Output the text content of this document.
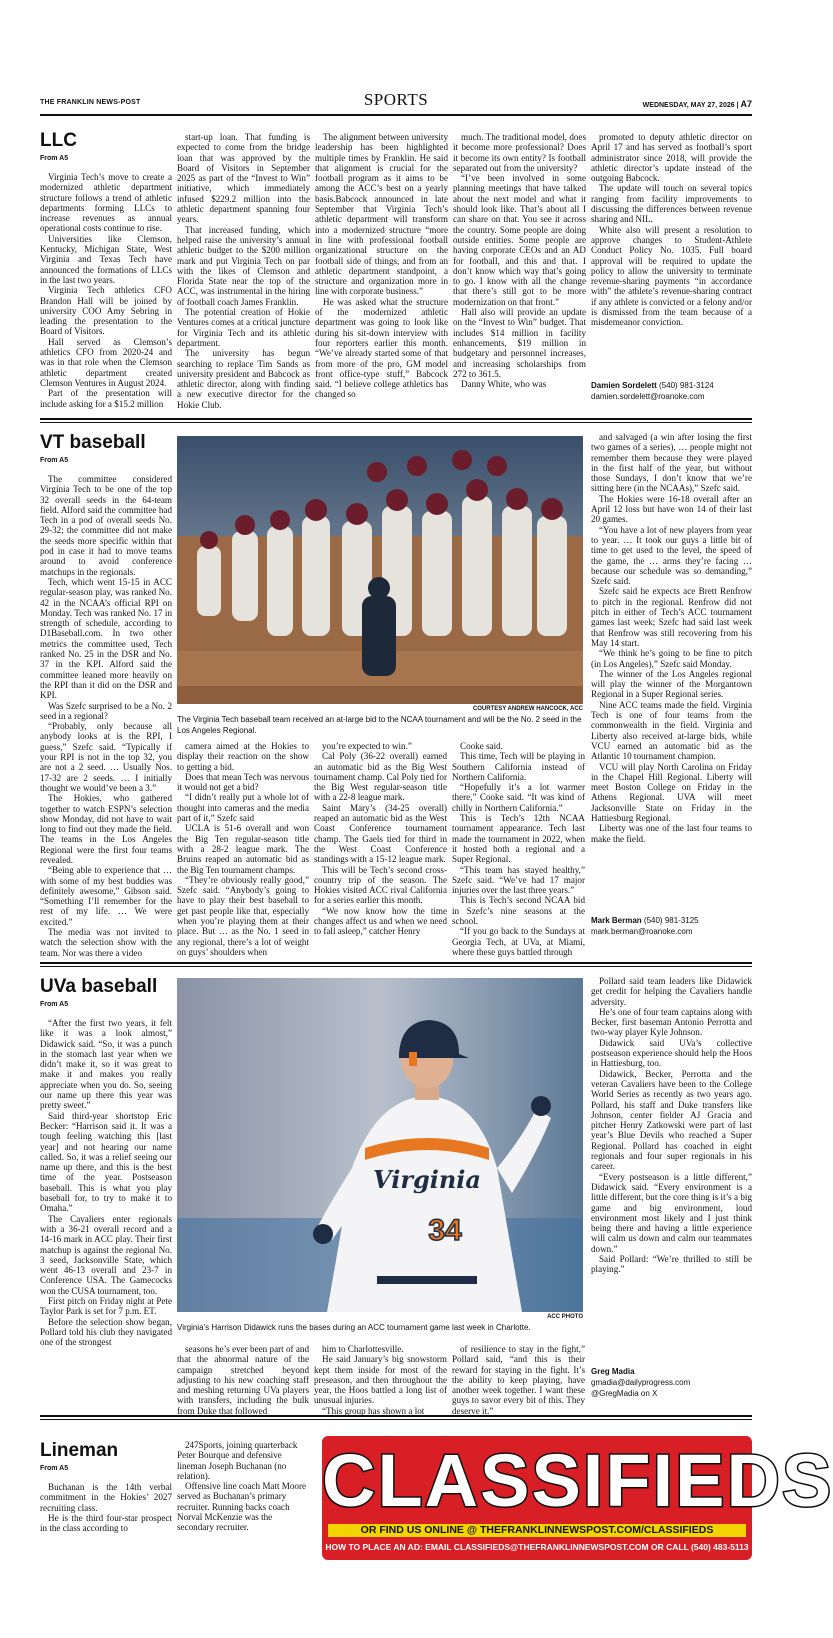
THE FRANKLIN NEWS-POST	SPORTS	WEDNESDAY, MAY 27, 2026 | A7
LLC
From A5

Virginia Tech’s move to create a modernized athletic department structure follows a trend of athletic departments forming LLCs to increase revenues as annual operational costs continue to rise.

Universities like Clemson, Kentucky, Michigan State, West Virginia and Texas Tech have announced the formations of LLCs in the last two years.

Virginia Tech athletics CFO Brandon Hall will be joined by university COO Amy Sebring in leading the presentation to the Board of Visitors.

Hall served as Clemson’s athletics CFO from 2020-24 and was in that role when the Clemson athletic department created Clemson Ventures in August 2024.

Part of the presentation will include asking for a $15.2 million

start-up loan. That funding is expected to come from the bridge loan that was approved by the Board of Visitors in September 2025 as part of the “Invest to Win” initiative, which immediately infused $229.2 million into the athletic department spanning four years.

That increased funding, which helped raise the university’s annual athletic budget to the $200 million mark and put Virginia Tech on par with the likes of Clemson and Florida State near the top of the ACC, was instrumental in the hiring of football coach James Franklin.

The potential creation of Hokie Ventures comes at a critical juncture for Virginia Tech and its athletic department.

The university has begun searching to replace Tim Sands as university president and Babcock as athletic director, along with finding a new executive director for the Hokie Club.

The alignment between university leadership has been highlighted multiple times by Franklin. He said that alignment is crucial for the football program as it aims to be among the ACC’s best on a yearly basis.Babcock announced in late September that Virginia Tech’s athletic department will transform into a modernized structure “more in line with professional football organizational structure on the football side of things, and from an athletic department standpoint, a structure and organization more in line with corporate business.”

He was asked what the structure of the modernized athletic department was going to look like during his sit-down interview with four reporters earlier this month. “We’ve already started some of that from more of the pro, GM model front office-type stuff,” Babcock said. “I believe college athletics has changed so

much. The traditional model, does it become more professional? Does it become its own entity? Is football separated out from the university?

“I’ve been involved in some planning meetings that have talked about the next model and what it should look like. That’s about all I can share on that. You see it across the country. Some people are doing outside entities. Some people are having corporate CEOs and an AD for football, and this and that. I don’t know which way that’s going to go. I know with all the change that there’s still got to be more modernization on that front.”

Hall also will provide an update on the “Invest to Win” budget. That includes $14 million in facility enhancements, $19 million in budgetary and personnel increases, and increasing scholarships from 272 to 361.5.

Danny White, who was

promoted to deputy athletic director on April 17 and has served as football’s sport administrator since 2018, will provide the athletic director’s update instead of the outgoing Babcock.

The update will touch on several topics ranging from facility improvements to discussing the differences between revenue sharing and NIL.

White also will present a resolution to approve changes to Student-Athlete Conduct Policy No. 1035. Full board approval will be required to update the policy to allow the university to terminate revenue-sharing payments “in accordance with” the athlete’s revenue-sharing contract if any athlete is convicted or a felony and/or is dismissed from the team because of a misdemeanor conviction.

Damien Sordelett (540) 981-3124
damien.sordelett@roanoke.com
VT baseball
From A5

The committee considered Virginia Tech to be one of the top 32 overall seeds in the 64-team field. Alford said the committee had Tech in a pod of overall seeds No. 29-32; the committee did not make the seeds more specific within that pod in case it had to move teams around to avoid conference matchups in the regionals.

Tech, which went 15-15 in ACC regular-season play, was ranked No. 42 in the NCAA’s official RPI on Monday. Tech was ranked No. 17 in strength of schedule, according to D1Baseball.com. In two other metrics the committee used, Tech ranked No. 25 in the DSR and No. 37 in the KPI. Alford said the committee leaned more heavily on the RPI than it did on the DSR and KPI.

Was Szefc surprised to be a No. 2 seed in a regional?

“Probably, only because all anybody looks at is the RPI, I guess,” Szefc said. “Typically if your RPI is not in the top 32, you are not a 2 seed. … Usually Nos. 17-32 are 2 seeds. … I initially thought we would’ve been a 3.”

The Hokies, who gathered together to watch ESPN’s selection show Monday, did not have to wait long to find out they made the field. The teams in the Los Angeles Regional were the first four teams revealed.

“Being able to experience that … with some of my best buddies was definitely awesome,” Gibson said. “Something I’ll remember for the rest of my life. … We were excited.”

The media was not invited to watch the selection show with the team. Nor was there a video

COURTESY ANDREW HANCOCK, ACC
The Virginia Tech baseball team received an at-large bid to the NCAA tournament and will be the No. 2 seed in the Los Angeles Regional.

camera aimed at the Hokies to display their reaction on the show to getting a bid.

Does that mean Tech was nervous it would not get a bid?

“I didn’t really put a whole lot of thought into cameras and the media part of it,” Szefc said

UCLA is 51-6 overall and won the Big Ten regular-season title with a 28-2 league mark. The Bruins reaped an automatic bid as the Big Ten tournament champs.

“They’re obviously really good,” Szefc said. “Anybody’s going to have to play their best baseball to get past people like that, especially when you’re playing them at their place. But … as the No. 1 seed in any regional, there’s a lot of weight on guys’ shoulders when

you’re expected to win.”

Cal Poly (36-22 overall) earned an automatic bid as the Big West tournament champ. Cal Poly tied for the Big West regular-season title with a 22-8 league mark.

Saint Mary’s (34-25 overall) reaped an automatic bid as the West Coast Conference tournament champ. The Gaels tied for third in the West Coast Conference standings with a 15-12 league mark.

This will be Tech’s second cross-country trip of the season. The Hokies visited ACC rival California for a series earlier this month.

“We now know how the time changes affect us and when we need to fall asleep,” catcher Henry

Cooke said.

This time, Tech will be playing in Southern California instead of Northern California.

“Hopefully it’s a lot warmer there,” Cooke said. “It was kind of chilly in Northern California.”

This is Tech’s 12th NCAA tournament appearance. Tech last made the tournament in 2022, when it hosted both a regional and a Super Regional.

“This team has stayed healthy,” Szefc said. “We’ve had 17 major injuries over the last three years.”

This is Tech’s second NCAA bid in Szefc’s nine seasons at the school.

“If you go back to the Sundays at Georgia Tech, at UVa, at Miami, where these guys battled through

and salvaged (a win after losing the first two games of a series), … people might not remember them because they were played in the first half of the year, but without those Sundays, I don’t know that we’re sitting here (in the NCAAs),” Szefc said.

The Hokies were 16-18 overall after an April 12 loss but have won 14 of their last 20 games.

“You have a lot of new players from year to year. … It took our guys a little bit of time to get used to the level, the speed of the game, the … arms they’re facing … because our schedule was so demanding,” Szefc said.

Szefc said he expects ace Brett Renfrow to pitch in the regional. Renfrow did not pitch in either of Tech’s ACC tournament games last week; Szefc had said last week that Renfrow was still recovering from his May 14 start.

“We think he’s going to be fine to pitch (in Los Angeles),” Szefc said Monday.

The winner of the Los Angeles regional will play the winner of the Morgantown Regional in a Super Regional series.

Nine ACC teams made the field. Virginia Tech is one of four teams from the commonwealth in the field. Virginia and Liberty also received at-large bids, while VCU earned an automatic bid as the Atlantic 10 tournament champion.

VCU will play North Carolina on Friday in the Chapel Hill Regional. Liberty will meet Boston College on Friday in the Athens Regional. UVA will meet Jacksonville State on Friday in the Hattiesburg Regional.

Liberty was one of the last four teams to make the field.

Mark Berman (540) 981-3125
mark.berman@roanoke.com
UVa baseball
From A5

“After the first two years, it felt like it was a look almost,” Didawick said. “So, it was a punch in the stomach last year when we didn’t make it, so it was great to make it and makes you really appreciate when you do. So, seeing our name up there this year was pretty sweet.”

Said third-year shortstop Eric Becker: “Harrison said it. It was a tough feeling watching this [last year] and not hearing our name called. So, it was a relief seeing our name up there, and this is the best time of the year. Postseason baseball. This is what you play baseball for, to try to make it to Omaha.”

The Cavaliers enter regionals with a 36-21 overall record and a 14-16 mark in ACC play. Their first matchup is against the regional No. 3 seed, Jacksonville State, which went 46-13 overall and 23-7 in Conference USA. The Gamecocks won the CUSA tournament, too.

First pitch on Friday night at Pete Taylor Park is set for 7 p.m. ET.

Before the selection show began, Pollard told his club they navigated one of the strongest

Virginia
34
ACC PHOTO
Virginia’s Harrison Didawick runs the bases during an ACC tournament game last week in Charlotte.

seasons he’s ever been part of and that the abnormal nature of the campaign stretched beyond adjusting to his new coaching staff and meshing returning UVa players with transfers, including the bulk from Duke that followed

him to Charlottesville.

He said January’s big snowstorm kept them inside for most of the preseason, and then throughout the year, the Hoos battled a long list of unusual injuries.

“This group has shown a lot

of resilience to stay in the fight,” Pollard said, “and this is their reward for staying in the fight. It’s the ability to keep playing, have another week together. I want these guys to savor every bit of this. They deserve it.”

Pollard said team leaders like Didawick get credit for helping the Cavaliers handle adversity.

He’s one of four team captains along with Becker, first baseman Antonio Perrotta and two-way player Kyle Johnson.

Didawick said UVa’s collective postseason experience should help the Hoos in Hattiesburg, too.

Didawick, Becker, Perrotta and the veteran Cavaliers have been to the College World Series as recently as two years ago. Pollard, his staff and Duke transfers like Johnson, center fielder AJ Gracia and pitcher Henry Zatkowski were part of last year’s Blue Devils who reached a Super Regional. Pollard has coached in eight regionals and four super regionals in his career.

“Every postseason is a little different,” Didawick said. “Every environment is a little different, but the core thing is it’s a big game and big environment, loud environment most likely and I just think being there and having a little experience will calm us down and calm our teammates down.”

Said Pollard: “We’re thrilled to still be playing.”

Greg Madia
gmadia@dailyprogress.com
@GregMadia on X
Lineman
From A5

Buchanan is the 14th verbal commitment in the Hokies’ 2027 recruiting class.

He is the third four-star prospect in the class according to

247Sports, joining quarterback Peter Bourque and defensive lineman Joseph Buchanan (no relation).

Offensive line coach Matt Moore served as Buchanan’s primary recruiter. Running backs coach Norval McKenzie was the secondary recruiter.

CLASSIFIEDS
OR FIND US ONLINE @ THEFRANKLINNEWSPOST.COM/CLASSIFIEDS
HOW TO PLACE AN AD: EMAIL CLASSIFIEDS@THEFRANKLINNEWSPOST.COM OR CALL (540) 483-5113
